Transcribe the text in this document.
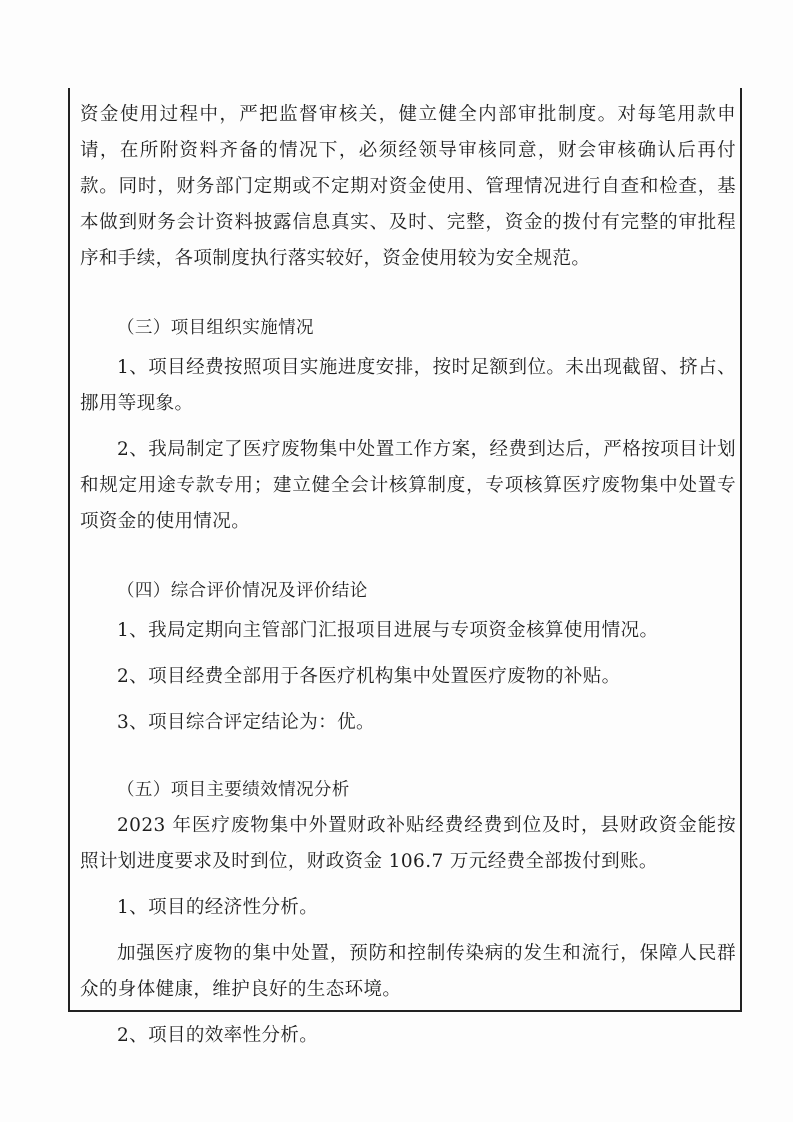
资金使用过程中，严把监督审核关，健立健全内部审批制度。对每笔用款申请，在所附资料齐备的情况下，必须经领导审核同意，财会审核确认后再付款。同时，财务部门定期或不定期对资金使用、管理情况进行自查和检查，基本做到财务会计资料披露信息真实、及时、完整，资金的拨付有完整的审批程序和手续，各项制度执行落实较好，资金使用较为安全规范。

（三）项目组织实施情况

1、项目经费按照项目实施进度安排，按时足额到位。未出现截留、挤占、挪用等现象。

2、我局制定了医疗废物集中处置工作方案，经费到达后，严格按项目计划和规定用途专款专用；建立健全会计核算制度，专项核算医疗废物集中处置专项资金的使用情况。

（四）综合评价情况及评价结论

1、我局定期向主管部门汇报项目进展与专项资金核算使用情况。

2、项目经费全部用于各医疗机构集中处置医疗废物的补贴。

3、项目综合评定结论为：优。

（五）项目主要绩效情况分析

2023 年医疗废物集中外置财政补贴经费经费到位及时，县财政资金能按照计划进度要求及时到位，财政资金 106.7 万元经费全部拨付到账。

1、项目的经济性分析。

加强医疗废物的集中处置，预防和控制传染病的发生和流行，保障人民群众的身体健康，维护良好的生态环境。

2、项目的效率性分析。
